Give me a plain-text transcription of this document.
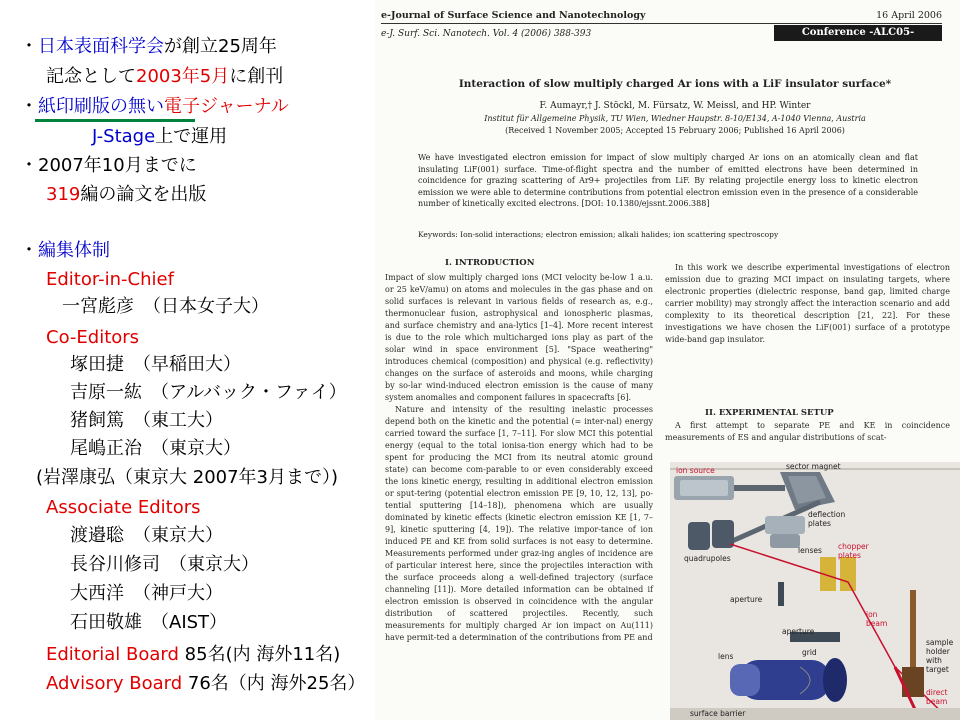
e-Journal of Surface Science and Nanotechnology	16 April 2006
e-J. Surf. Sci. Nanotech. Vol. 4 (2006) 388-393	Conference -ALC05-
Interaction of slow multiply charged Ar ions with a LiF insulator surface*
F. Aumayr,† J. Stöckl, M. Fürsatz, W. Meissl, and HP. Winter
Institut für Allgemeine Physik, TU Wien, Wiedner Haupstr. 8-10/E134, A-1040 Vienna, Austria
(Received 1 November 2005; Accepted 15 February 2006; Published 16 April 2006)
We have investigated electron emission for impact of slow multiply charged Ar ions on an atomically clean and flat insulating LiF(001) surface. Time-of-flight spectra and the number of emitted electrons have been determined in coincidence for grazing scattering of Ar9+ projectiles from LiF. By relating projectile energy loss to kinetic electron emission we were able to determine contributions from potential electron emission even in the presence of a considerable number of kinetically excited electrons. [DOI: 10.1380/ejssnt.2006.388]
Keywords: Ion-solid interactions; electron emission; alkali halides; ion scattering spectroscopy
I. INTRODUCTION

Impact of slow multiply charged ions (MCI velocity be-low 1 a.u. or 25 keV/amu) on atoms and molecules in the gas phase and on solid surfaces is relevant in various fields of research as, e.g., thermonuclear fusion, astrophysical and ionospheric plasmas, and surface chemistry and ana-lytics [1–4]. More recent interest is due to the role which multicharged ions play as part of the solar wind in space environment [5]. "Space weathering" introduces chemical (composition) and physical (e.g. reflectivity) changes on the surface of asteroids and moons, while charging by so-lar wind-induced electron emission is the cause of many system anomalies and component failures in spacecrafts [6].

Nature and intensity of the resulting inelastic processes depend both on the kinetic and the potential (= inter-nal) energy carried toward the surface [1, 7–11]. For slow MCI this potential energy (equal to the total ionisa-tion energy which had to be spent for producing the MCI from its neutral atomic ground state) can become com-parable to or even considerably exceed the ions kinetic energy, resulting in additional electron emission or sput-tering (potential electron emission PE [9, 10, 12, 13], po-tential sputtering [14–18]), phenomena which are usually dominated by kinetic effects (kinetic electron emission KE [1, 7–9], kinetic sputtering [4, 19]). The relative impor-tance of ion induced PE and KE from solid surfaces is not easy to determine. Measurements performed under graz-ing angles of incidence are of particular interest here, since the projectiles interaction with the surface proceeds along a well-defined trajectory (surface channeling [11]). More detailed information can be obtained if electron emission is observed in coincidence with the angular distribution of scattered projectiles. Recently, such measurements for multiply charged Ar ion impact on Au(111) have permit-ted a determination of the contributions from PE and

In this work we describe experimental investigations of electron emission due to grazing MCI impact on insulating targets, where electronic properties (dielectric response, band gap, limited charge carrier mobility) may strongly affect the interaction scenario and add complexity to its theoretical description [21, 22]. For these investigations we have chosen the LiF(001) surface of a prototype wide-band gap insulator.

II. EXPERIMENTAL SETUP

A first attempt to separate PE and KE in coincidence measurements of ES and angular distributions of scat-

ion source	sector magnet
deflection
plates
quadrupoles
lenses chopper
plates
aperture
ion
beam
aperture
lens	grid
sample
holder
with
target
direct
beam
surface barrier
・日本表面科学会が創立25周年
記念として2003年5月に創刊
・紙印刷版の無い電子ジャーナル
J-Stage上で運用
・2007年10月までに
319編の論文を出版
・編集体制
Editor-in-Chief
一宮彪彦　（日本女子大）
Co-Editors
塚田捷　（早稲田大）
吉原一紘　（アルバック・ファイ）
猪飼篤　（東工大）
尾嶋正治　（東京大）
(岩澤康弘（東京大 2007年3月まで）)
Associate Editors
渡邉聡　（東京大）
長谷川修司　（東京大）
大西洋　（神戸大）
石田敬雄　（AIST）
Editorial Board 85名(内 海外11名)
Advisory Board 76名（内 海外25名）
